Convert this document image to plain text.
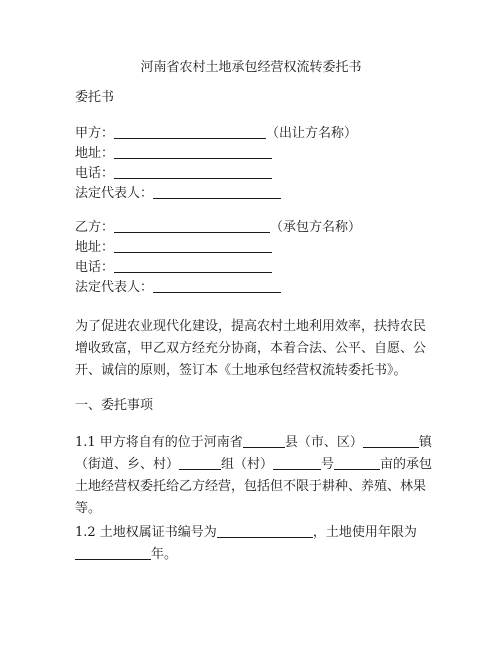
河南省农村土地承包经营权流转委托书
委托书
甲方：	（出让方名称）
地址：
电话：
法定代表人：
乙方：	（承包方名称）
地址：
电话：
法定代表人：
为了促进农业现代化建设，提高农村土地利用效率，扶持农民
增收致富，甲乙双方经充分协商，本着合法、公平、自愿、公
开、诚信的原则，签订本《土地承包经营权流转委托书》。
一、委托事项
1.1 甲方将自有的位于河南省	县（市、区）	镇
（街道、乡、村）	组（村）	号	亩的承包
土地经营权委托给乙方经营，包括但不限于耕种、养殖、林果
等。
1.2 土地权属证书编号为	，土地使用年限为
年。
